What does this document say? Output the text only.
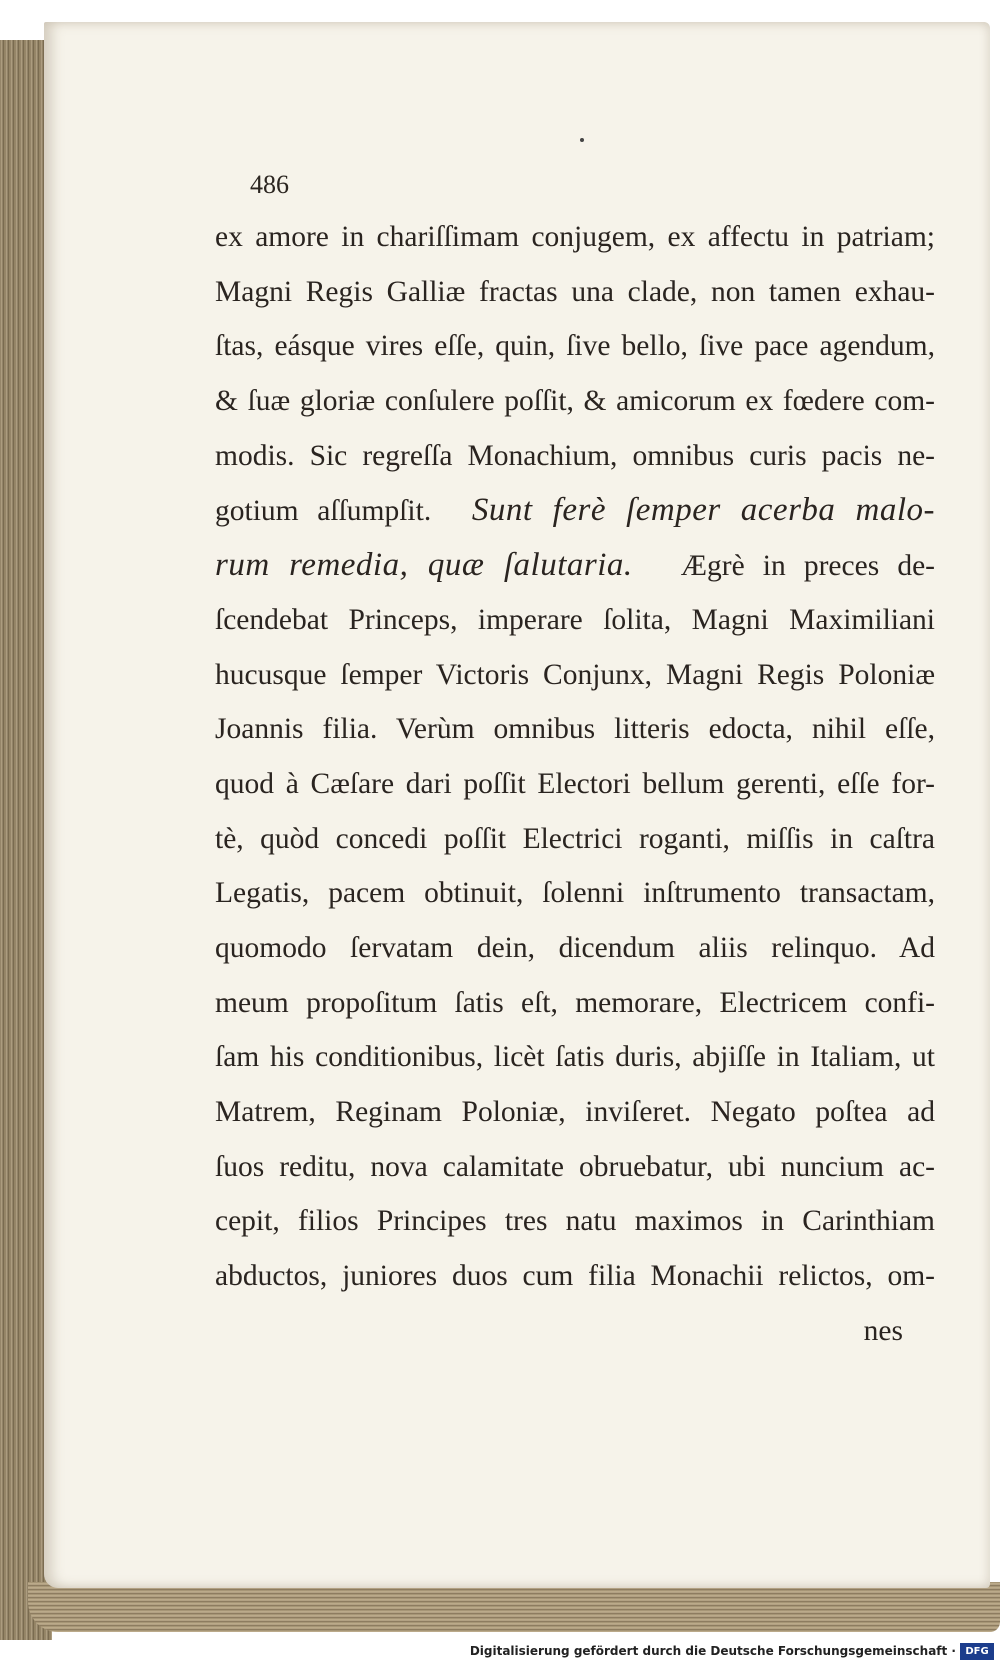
486
ex amore in chariſſimam conjugem, ex affectu in patriam;
Magni Regis Galliæ fractas una clade, non tamen exhau-
ſtas, eásque vires eſſe, quin, ſive bello, ſive pace agendum,
& ſuæ gloriæ conſulere poſſit, & amicorum ex fœdere com-
modis. Sic regreſſa Monachium, omnibus curis pacis ne-
gotium aſſumpſit. Sunt ferè ſemper acerba malo-
rum remedia, quæ ſalutaria. Ægrè in preces de-
ſcendebat Princeps, imperare ſolita, Magni Maximiliani
hucusque ſemper Victoris Conjunx, Magni Regis Poloniæ
Joannis filia. Verùm omnibus litteris edocta, nihil eſſe,
quod à Cæſare dari poſſit Electori bellum gerenti, eſſe for-
tè, quòd concedi poſſit Electrici roganti, miſſis in caſtra
Legatis, pacem obtinuit, ſolenni inſtrumento transactam,
quomodo ſervatam dein, dicendum aliis relinquo. Ad
meum propoſitum ſatis eſt, memorare, Electricem confi-
ſam his conditionibus, licèt ſatis duris, abjiſſe in Italiam, ut
Matrem, Reginam Poloniæ, inviſeret. Negato poſtea ad
ſuos reditu, nova calamitate obruebatur, ubi nuncium ac-
cepit, filios Principes tres natu maximos in Carinthiam
abductos, juniores duos cum filia Monachii relictos, om-
nes
Digitalisierung gefördert durch die Deutsche Forschungsgemeinschaft · DFG
